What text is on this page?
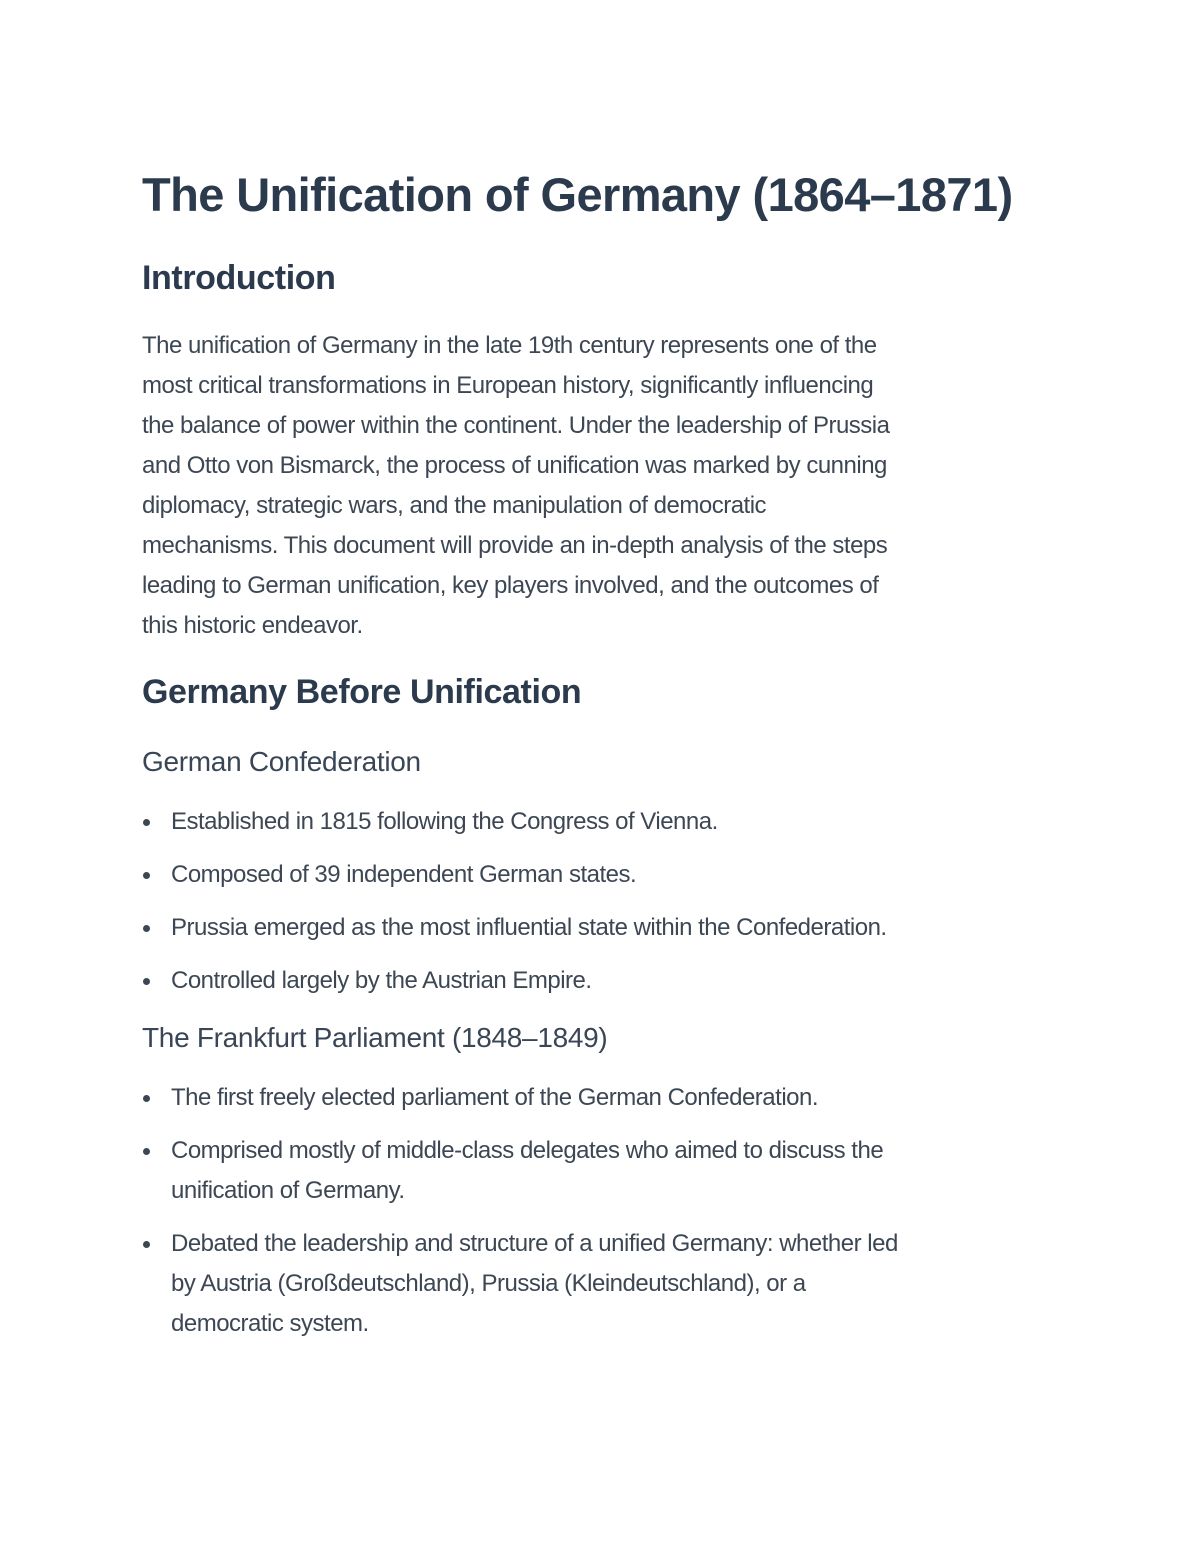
The Unification of Germany (1864–1871)
Introduction

The unification of Germany in the late 19th century represents one of the
most critical transformations in European history, significantly influencing
the balance of power within the continent. Under the leadership of Prussia
and Otto von Bismarck, the process of unification was marked by cunning
diplomacy, strategic wars, and the manipulation of democratic
mechanisms. This document will provide an in-depth analysis of the steps
leading to German unification, key players involved, and the outcomes of
this historic endeavor.

Germany Before Unification
German Confederation
Established in 1815 following the Congress of Vienna.
Composed of 39 independent German states.
Prussia emerged as the most influential state within the Confederation.
Controlled largely by the Austrian Empire.
The Frankfurt Parliament (1848–1849)
The first freely elected parliament of the German Confederation.
Comprised mostly of middle-class delegates who aimed to discuss the
unification of Germany.
Debated the leadership and structure of a unified Germany: whether led
by Austria (Großdeutschland), Prussia (Kleindeutschland), or a
democratic system.
